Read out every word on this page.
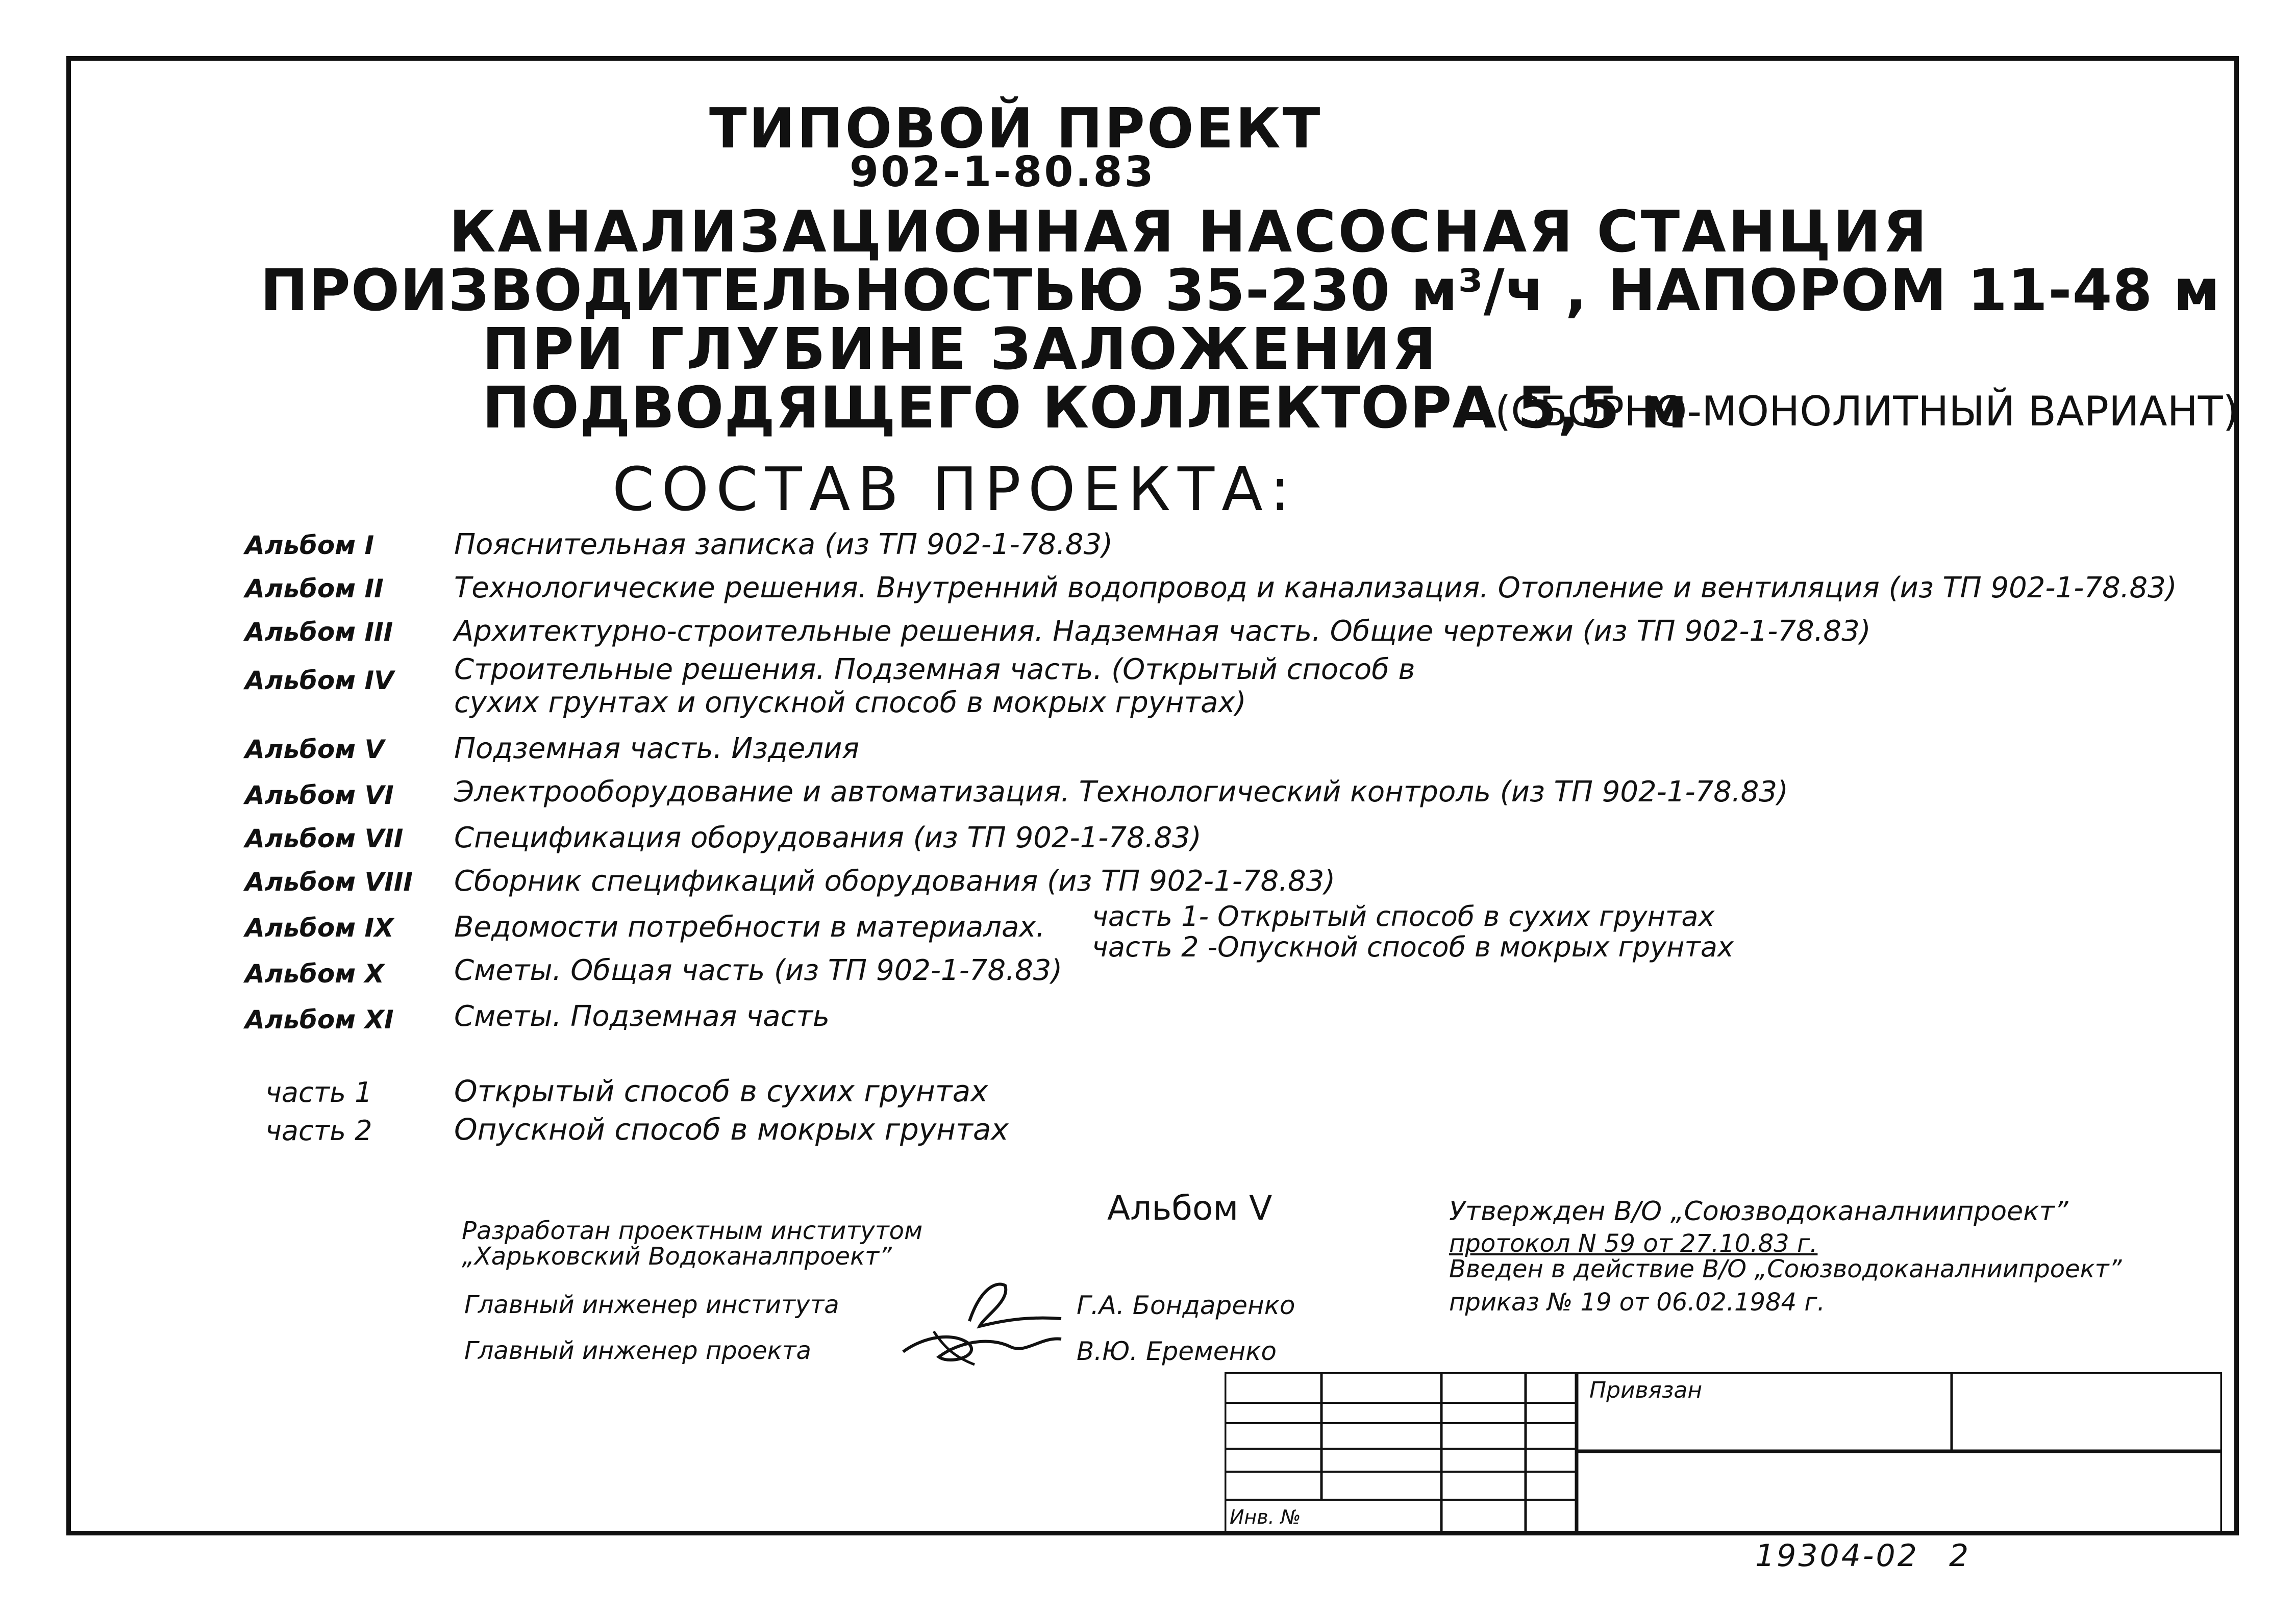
ТИПОВОЙ ПРОЕКТ
902-1-80.83
КАНАЛИЗАЦИОННАЯ НАСОСНАЯ СТАНЦИЯ
ПРОИЗВОДИТЕЛЬНОСТЬЮ 35-230 м³/ч , НАПОРОМ 11-48 м
ПРИ ГЛУБИНЕ ЗАЛОЖЕНИЯ
ПОДВОДЯЩЕГО КОЛЛЕКТОРА 5,5 м
(СБОРНО-МОНОЛИТНЫЙ ВАРИАНТ)
СОСТАВ ПРОЕКТА:
Альбом I	Пояснительная записка (из ТП 902-1-78.83)
Альбом II Технологические решения. Внутренний водопровод и канализация. Отопление и вентиляция (из ТП 902-1-78.83)
Альбом III Архитектурно-строительные решения. Надземная часть. Общие чертежи (из ТП 902-1-78.83)
Альбом IV Строительные решения. Подземная часть. (Открытый способ в
сухих грунтах и опускной способ в мокрых грунтах)
Альбом V Подземная часть. Изделия
Альбом VI Электрооборудование и автоматизация. Технологический контроль (из ТП 902-1-78.83)
Альбом VII Спецификация оборудования (из ТП 902-1-78.83)
Альбом VIII Сборник спецификаций оборудования (из ТП 902-1-78.83)
Альбом IX Ведомости потребности в материалах. часть 1- Открытый способ в сухих грунтах
часть 2 -Опускной способ в мокрых грунтах
Альбом X Сметы. Общая часть (из ТП 902-1-78.83)
Альбом XI Сметы. Подземная часть
часть 1	Открытый способ в сухих грунтах
часть 2	Опускной способ в мокрых грунтах
Альбом V
Разработан проектным институтом
„Харьковский Водоканалпроект”
Главный инженер института	Г.А. Бондаренко
Главный инженер проекта	В.Ю. Еременко
Утвержден В/О „Союзводоканалниипроект”
протокол N 59 от 27.10.83 г.
Введен в действие В/О „Союзводоканалниипроект”
приказ № 19 от 06.02.1984 г.
Привязан
Инв. №
19304-02 2
